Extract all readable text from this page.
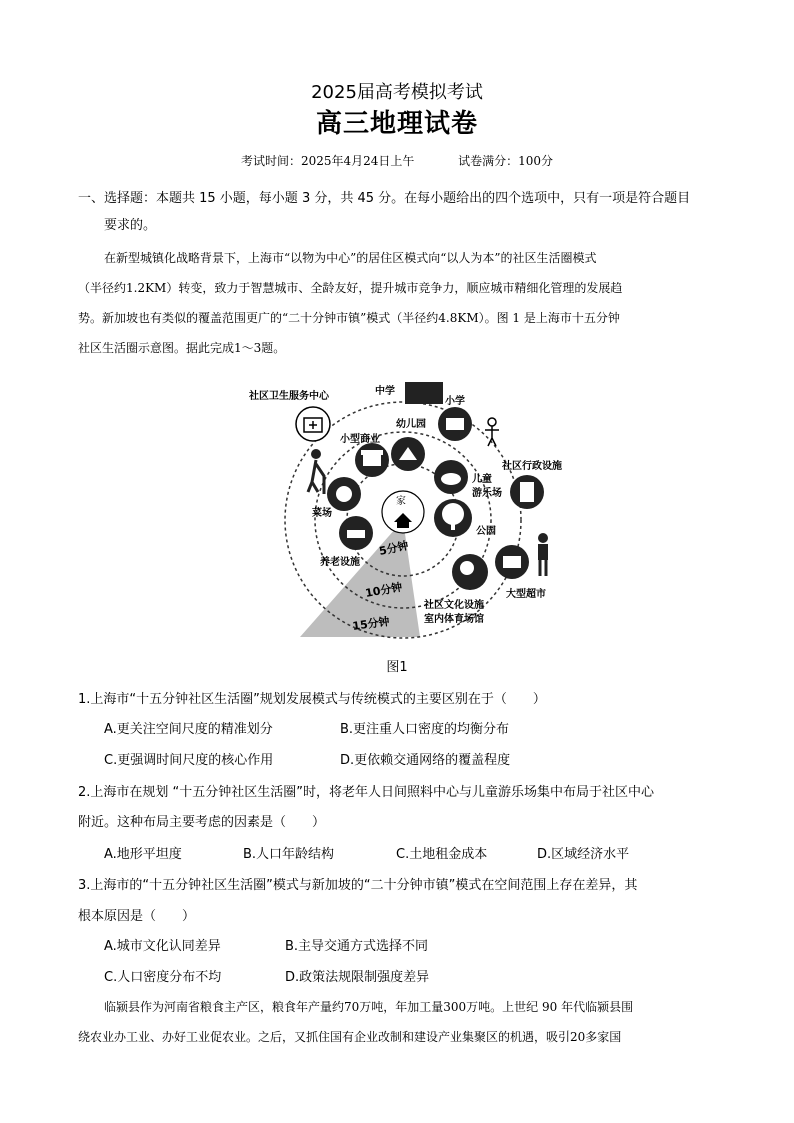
2025届高考模拟考试
高三地理试卷
考试时间：2025年4月24日上午	试卷满分：100分
一、选择题：本题共 15 小题，每小题 3 分，共 45 分。在每小题给出的四个选项中，只有一项是符合题目
要求的。
在新型城镇化战略背景下，上海市“以物为中心”的居住区模式向“以人为本”的社区生活圈模式
（半径约1.2KM）转变，致力于智慧城市、全龄友好，提升城市竞争力，顺应城市精细化管理的发展趋
势。新加坡也有类似的覆盖范围更广的“二十分钟市镇”模式（半径约4.8KM）。图 1 是上海市十五分钟
社区生活圈示意图。据此完成1～3题。
5分钟
10分钟
15分钟
社区卫生服务中心	中学
小学
幼儿园
小型商业
家
社区行政设施
儿童
游乐场
公园
菜场
养老设施
社区文化设施
室内体育场馆
大型超市
图1
1.上海市“十五分钟社区生活圈”规划发展模式与传统模式的主要区别在于（　　）
A.更关注空间尺度的精准划分	B.更注重人口密度的均衡分布
C.更强调时间尺度的核心作用	D.更依赖交通网络的覆盖程度
2.上海市在规划 “十五分钟社区生活圈”时，将老年人日间照料中心与儿童游乐场集中布局于社区中心
附近。这种布局主要考虑的因素是（　　）
A.地形平坦度	B.人口年龄结构	C.土地租金成本	D.区域经济水平
3.上海市的“十五分钟社区生活圈”模式与新加坡的“二十分钟市镇”模式在空间范围上存在差异，其
根本原因是（　　）
A.城市文化认同差异	B.主导交通方式选择不同
C.人口密度分布不均	D.政策法规限制强度差异
临颍县作为河南省粮食主产区，粮食年产量约70万吨，年加工量300万吨。上世纪 90 年代临颍县围
绕农业办工业、办好工业促农业。之后，又抓住国有企业改制和建设产业集聚区的机遇，吸引20多家国
